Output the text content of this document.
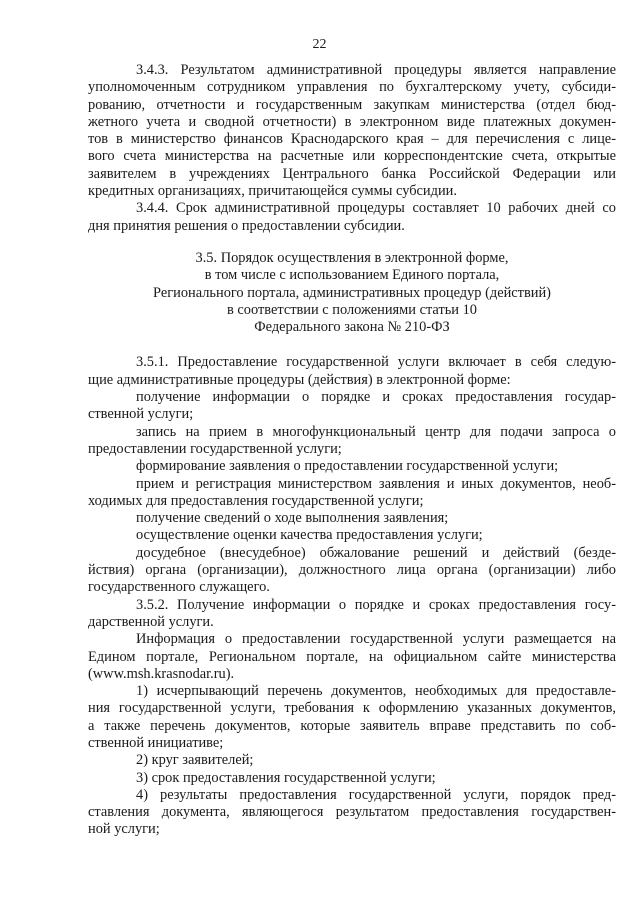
22
3.4.3. Результатом административной процедуры является направление
уполномоченным сотрудником управления по бухгалтерскому учету, субсиди-
рованию, отчетности и государственным закупкам министерства (отдел бюд-
жетного учета и сводной отчетности) в электронном виде платежных докумен-
тов в министерство финансов Краснодарского края – для перечисления с лице-
вого счета министерства на расчетные или корреспондентские счета, открытые
заявителем в учреждениях Центрального банка Российской Федерации или
кредитных организациях, причитающейся суммы субсидии.
3.4.4. Срок административной процедуры составляет 10 рабочих дней со
дня принятия решения о предоставлении субсидии.
3.5. Порядок осуществления в электронной форме,
в том числе с использованием Единого портала,
Регионального портала, административных процедур (действий)
в соответствии с положениями статьи 10
Федерального закона № 210-ФЗ
3.5.1. Предоставление государственной услуги включает в себя следую-
щие административные процедуры (действия) в электронной форме:
получение информации о порядке и сроках предоставления государ-
ственной услуги;
запись на прием в многофункциональный центр для подачи запроса о
предоставлении государственной услуги;
формирование заявления о предоставлении государственной услуги;
прием и регистрация министерством заявления и иных документов, необ-
ходимых для предоставления государственной услуги;
получение сведений о ходе выполнения заявления;
осуществление оценки качества предоставления услуги;
досудебное (внесудебное) обжалование решений и действий (безде-
йствия) органа (организации), должностного лица органа (организации) либо
государственного служащего.
3.5.2. Получение информации о порядке и сроках предоставления госу-
дарственной услуги.
Информация о предоставлении государственной услуги размещается на
Едином портале, Региональном портале, на официальном сайте министерства
(www.msh.krasnodar.ru).
1) исчерпывающий перечень документов, необходимых для предоставле-
ния государственной услуги, требования к оформлению указанных документов,
а также перечень документов, которые заявитель вправе представить по соб-
ственной инициативе;
2) круг заявителей;
3) срок предоставления государственной услуги;
4) результаты предоставления государственной услуги, порядок пред-
ставления документа, являющегося результатом предоставления государствен-
ной услуги;
